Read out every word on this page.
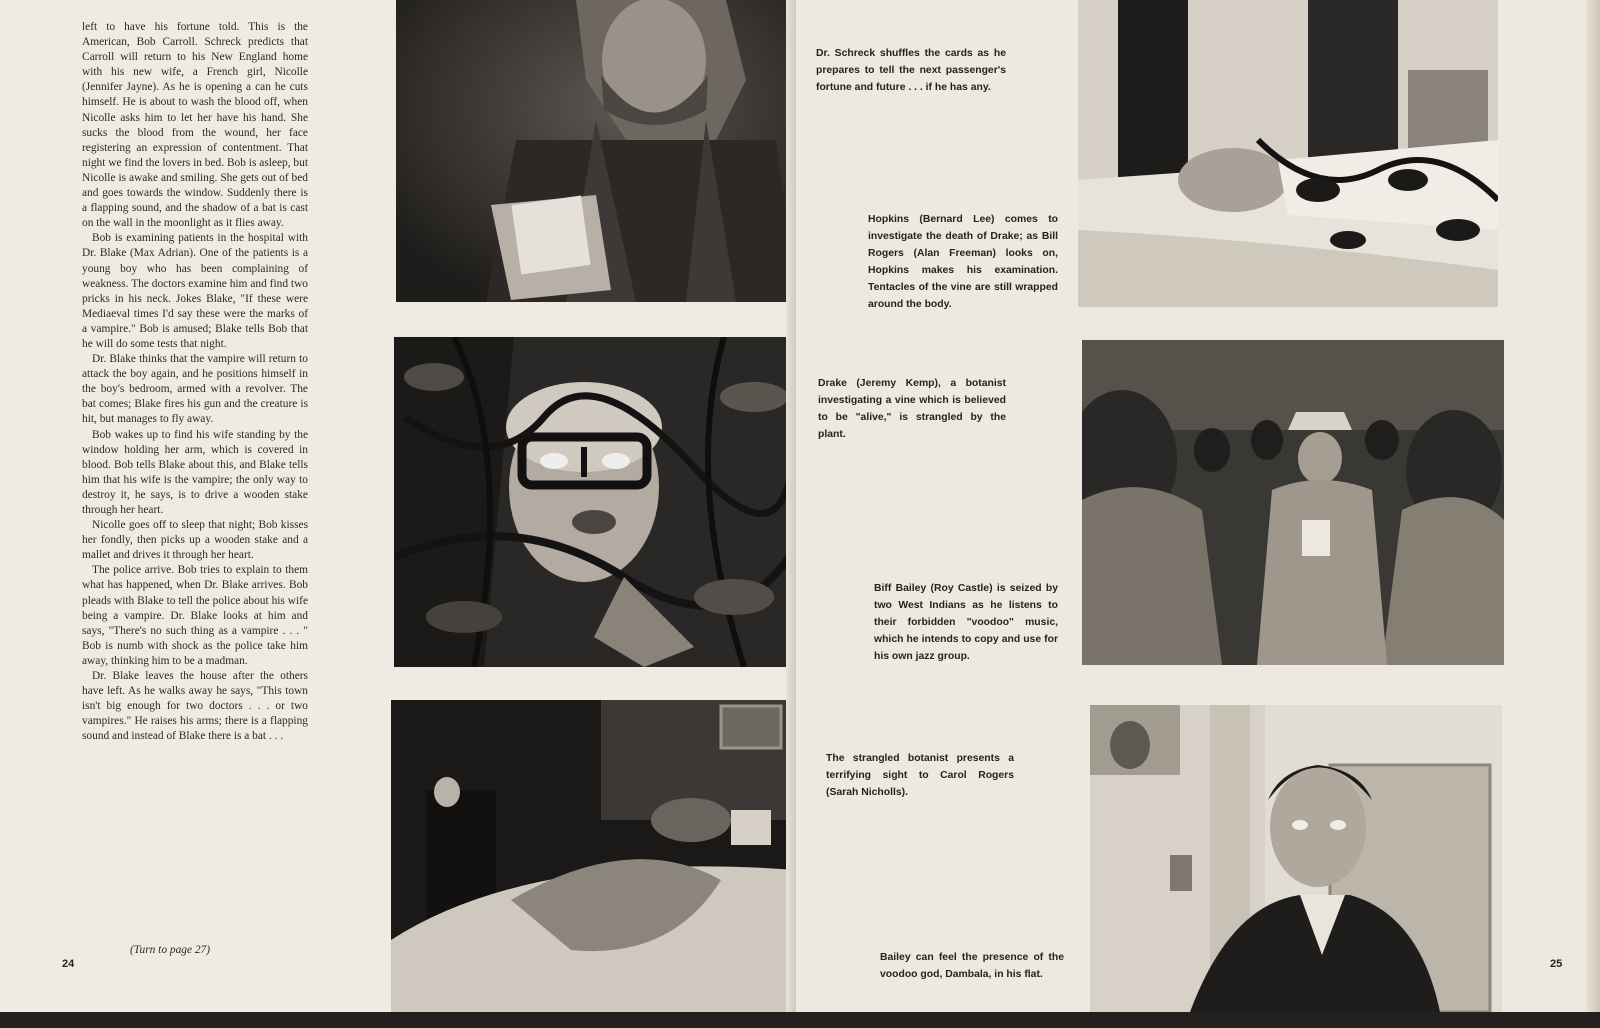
left to have his fortune told. This is the American, Bob Carroll. Schreck predicts that Carroll will return to his New England home with his new wife, a French girl, Nicolle (Jennifer Jayne). As he is opening a can he cuts himself. He is about to wash the blood off, when Nicolle asks him to let her have his hand. She sucks the blood from the wound, her face registering an expression of contentment. That night we find the lovers in bed. Bob is asleep, but Nicolle is awake and smiling. She gets out of bed and goes towards the window. Suddenly there is a flapping sound, and the shadow of a bat is cast on the wall in the moonlight as it flies away.

Bob is examining patients in the hospital with Dr. Blake (Max Adrian). One of the patients is a young boy who has been complaining of weakness. The doctors examine him and find two pricks in his neck. Jokes Blake, "If these were Mediaeval times I'd say these were the marks of a vampire." Bob is amused; Blake tells Bob that he will do some tests that night.

Dr. Blake thinks that the vampire will return to attack the boy again, and he positions himself in the boy's bedroom, armed with a revolver. The bat comes; Blake fires his gun and the creature is hit, but manages to fly away.

Bob wakes up to find his wife standing by the window holding her arm, which is covered in blood. Bob tells Blake about this, and Blake tells him that his wife is the vampire; the only way to destroy it, he says, is to drive a wooden stake through her heart.

Nicolle goes off to sleep that night; Bob kisses her fondly, then picks up a wooden stake and a mallet and drives it through her heart.

The police arrive. Bob tries to explain to them what has happened, when Dr. Blake arrives. Bob pleads with Blake to tell the police about his wife being a vampire. Dr. Blake looks at him and says, "There's no such thing as a vampire . . . " Bob is numb with shock as the police take him away, thinking him to be a madman.

Dr. Blake leaves the house after the others have left. As he walks away he says, "This town isn't big enough for two doctors . . . or two vampires." He raises his arms; there is a flapping sound and instead of Blake there is a bat . . .

(Turn to page 27)
24
Dr. Schreck shuffles the cards as he prepares to tell the next passenger's fortune and future . . . if he has any.
Hopkins (Bernard Lee) comes to investigate the death of Drake; as Bill Rogers (Alan Freeman) looks on, Hopkins makes his examination. Tentacles of the vine are still wrapped around the body.
Drake (Jeremy Kemp), a botanist investigating a vine which is believed to be "alive," is strangled by the plant.
Biff Bailey (Roy Castle) is seized by two West Indians as he listens to their forbidden "voodoo" music, which he intends to copy and use for his own jazz group.
The strangled botanist presents a terrifying sight to Carol Rogers (Sarah Nicholls).
Bailey can feel the presence of the voodoo god, Dambala, in his flat.
25
